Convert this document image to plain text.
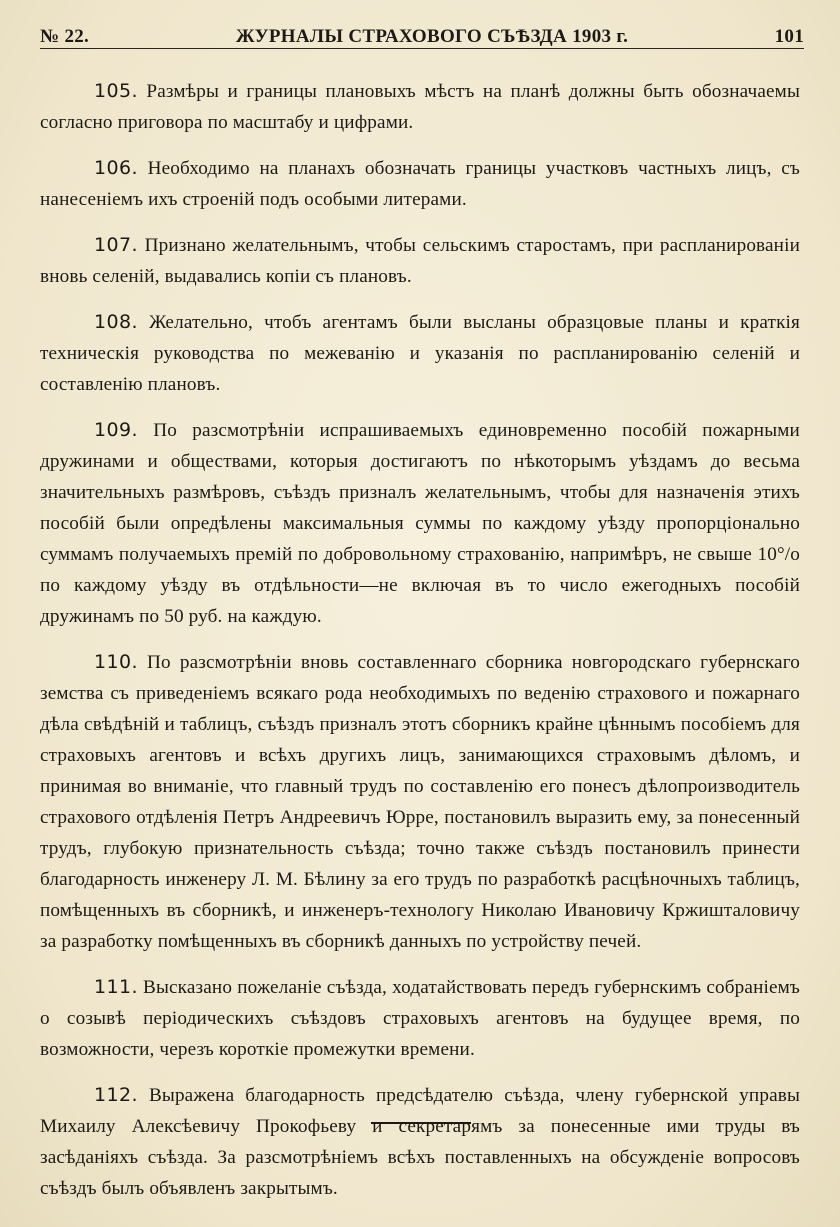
№ 22.	ЖУРНАЛЫ СТРАХОВОГО СЪѢЗДА 1903 г.	101

105. Размѣры и границы плановыхъ мѣстъ на планѣ должны быть обозначаемы согласно приговора по масштабу и цифрами.

106. Необходимо на планахъ обозначать границы участковъ частныхъ лицъ, съ нанесеніемъ ихъ строеній подъ особыми литерами.

107. Признано желательнымъ, чтобы сельскимъ старостамъ, при распланированіи вновь селеній, выдавались копіи съ плановъ.

108. Желательно, чтобъ агентамъ были высланы образцовые планы и краткія техническія руководства по межеванію и указанія по распланированію селеній и составленію плановъ.

109. По разсмотрѣніи испрашиваемыхъ единовременно пособій пожарными дружинами и обществами, которыя достигаютъ по нѣкоторымъ уѣздамъ до весьма значительныхъ размѣровъ, съѣздъ призналъ желательнымъ, чтобы для назначенія этихъ пособій были опредѣлены максимальныя суммы по каждому уѣзду пропорціонально суммамъ получаемыхъ премій по добровольному страхованію, напримѣръ, не свыше 10°/о по каждому уѣзду въ отдѣльности—не включая въ то число ежегодныхъ пособій дружинамъ по 50 руб. на каждую.

110. По разсмотрѣніи вновь составленнаго сборника новгородскаго губернскаго земства съ приведеніемъ всякаго рода необходимыхъ по веденію страхового и пожарнаго дѣла свѣдѣній и таблицъ, съѣздъ призналъ этотъ сборникъ крайне цѣннымъ пособіемъ для страховыхъ агентовъ и всѣхъ другихъ лицъ, занимающихся страховымъ дѣломъ, и принимая во вниманіе, что главный трудъ по составленію его понесъ дѣлопроизводитель страхового отдѣленія Петръ Андреевичъ Юрре, постановилъ выразить ему, за понесенный трудъ, глубокую признательность съѣзда; точно также съѣздъ постановилъ принести благодарность инженеру Л. М. Бѣлину за его трудъ по разработкѣ расцѣночныхъ таблицъ, помѣщенныхъ въ сборникѣ, и инженеръ-технологу Николаю Ивановичу Кржишталовичу за разработку помѣщенныхъ въ сборникѣ данныхъ по устройству печей.

111. Высказано пожеланіе съѣзда, ходатайствовать передъ губернскимъ собраніемъ о созывѣ періодическихъ съѣздовъ страховыхъ агентовъ на будущее время, по возможности, черезъ короткіе промежутки времени.

112. Выражена благодарность предсѣдателю съѣзда, члену губернской управы Михаилу Алексѣевичу Прокофьеву и секретарямъ за понесенные ими труды въ засѣданіяхъ съѣзда. За разсмотрѣніемъ всѣхъ поставленныхъ на обсужденіе вопросовъ съѣздъ былъ объявленъ закрытымъ.
